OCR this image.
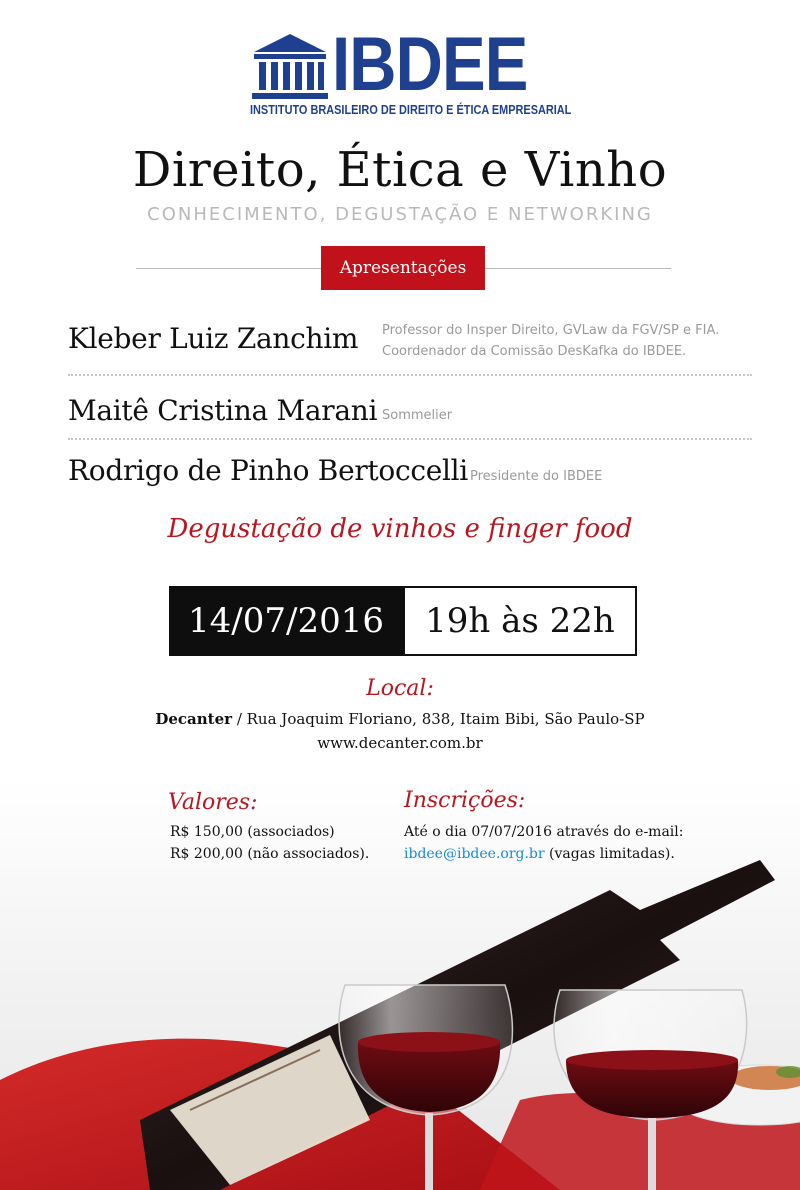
IBDEE
INSTITUTO BRASILEIRO DE DIREITO E ÉTICA EMPRESARIAL
Direito, Ética e Vinho
CONHECIMENTO, DEGUSTAÇÃO E NETWORKING
Apresentações
Kleber Luiz Zanchim Professor do Insper Direito, GVLaw da FGV/SP e FIA.
Coordenador da Comissão DesKafka do IBDEE.
Maitê Cristina Marani Sommelier
Rodrigo de Pinho Bertoccelli Presidente do IBDEE
Degustação de vinhos e finger food
14/07/2016	19h às 22h
Local:
Decanter / Rua Joaquim Floriano, 838, Itaim Bibi, São Paulo-SP
www.decanter.com.br
Valores:
R$ 150,00 (associados)
R$ 200,00 (não associados).
Inscrições:
Até o dia 07/07/2016 através do e-mail:
ibdee@ibdee.org.br (vagas limitadas).
